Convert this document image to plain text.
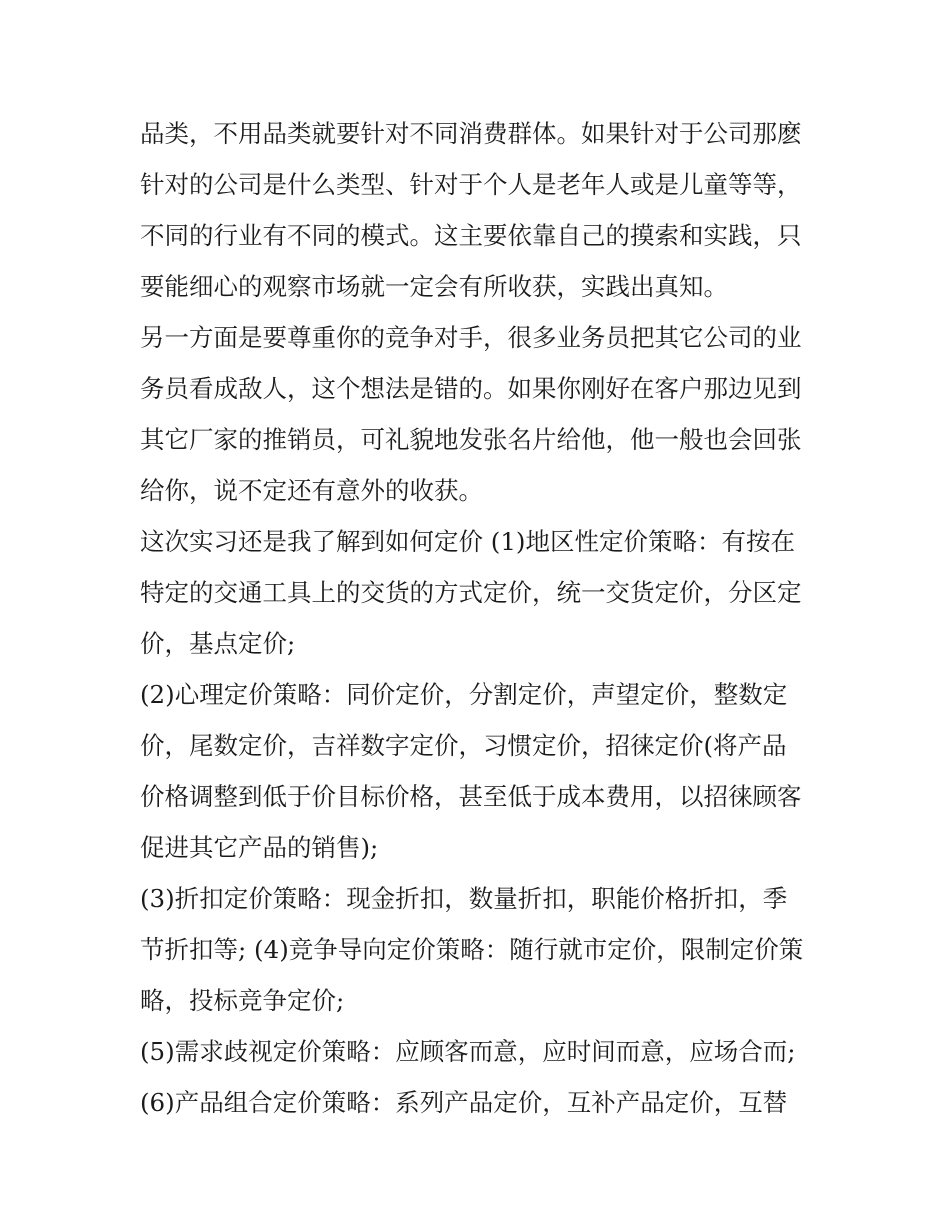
品类，不用品类就要针对不同消费群体。如果针对于公司那麽
针对的公司是什么类型、针对于个人是老年人或是儿童等等，
不同的行业有不同的模式。这主要依靠自己的摸索和实践，只
要能细心的观察市场就一定会有所收获，实践出真知。
另一方面是要尊重你的竞争对手，很多业务员把其它公司的业
务员看成敌人，这个想法是错的。如果你刚好在客户那边见到
其它厂家的推销员，可礼貌地发张名片给他，他一般也会回张
给你，说不定还有意外的收获。
这次实习还是我了解到如何定价 (1)地区性定价策略：有按在
特定的交通工具上的交货的方式定价，统一交货定价，分区定
价，基点定价;
(2)心理定价策略：同价定价，分割定价，声望定价，整数定
价，尾数定价，吉祥数字定价，习惯定价，招徕定价(将产品
价格调整到低于价目标价格，甚至低于成本费用，以招徕顾客
促进其它产品的销售);
(3)折扣定价策略：现金折扣，数量折扣，职能价格折扣，季
节折扣等; (4)竞争导向定价策略：随行就市定价，限制定价策
略，投标竞争定价;
(5)需求歧视定价策略：应顾客而意，应时间而意，应场合而;
(6)产品组合定价策略：系列产品定价，互补产品定价，互替
